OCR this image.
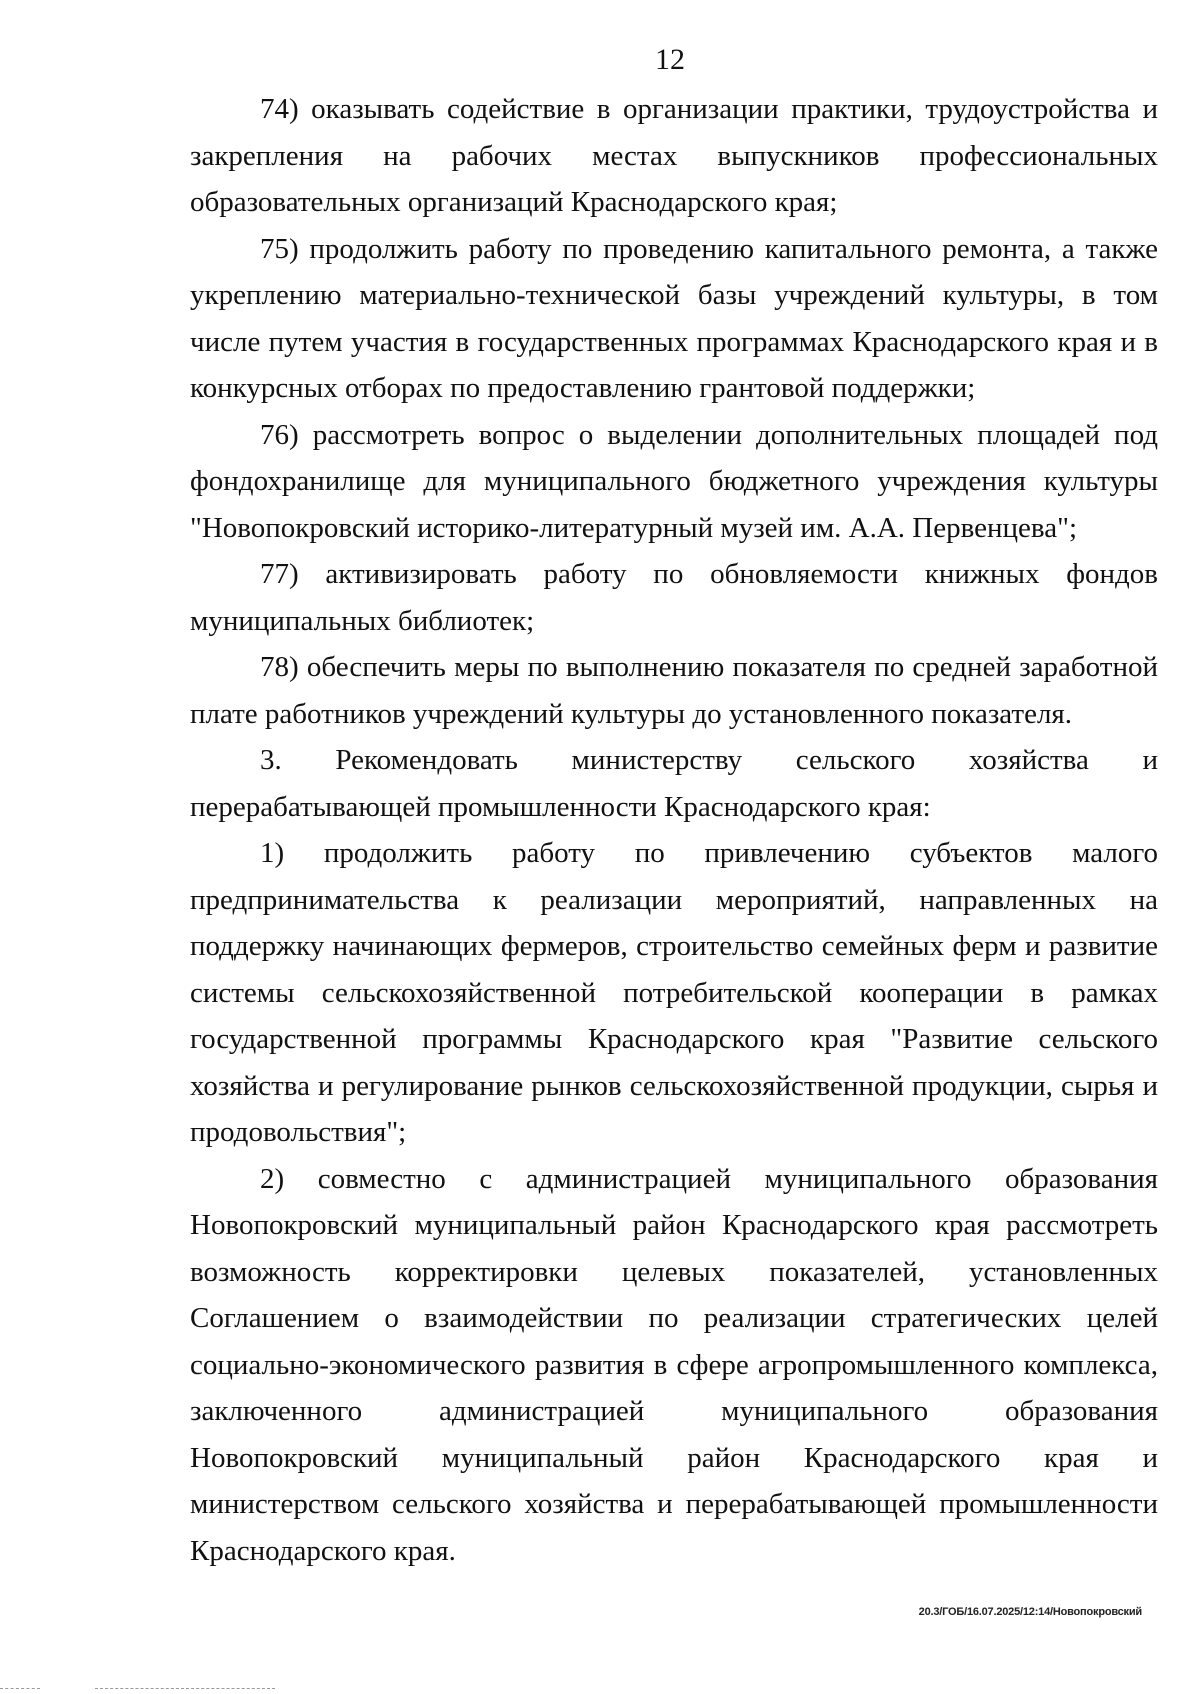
12

74) оказывать содействие в организации практики, трудоустройства и закрепления на рабочих местах выпускников профессиональных образовательных организаций Краснодарского края;

75) продолжить работу по проведению капитального ремонта, а также укреплению материально-технической базы учреждений культуры, в том числе путем участия в государственных программах Краснодарского края и в конкурсных отборах по предоставлению грантовой поддержки;

76) рассмотреть вопрос о выделении дополнительных площадей под фондохранилище для муниципального бюджетного учреждения культуры "Новопокровский историко-литературный музей им. А.А. Первенцева";

77) активизировать работу по обновляемости книжных фондов муниципальных библиотек;

78) обеспечить меры по выполнению показателя по средней заработной плате работников учреждений культуры до установленного показателя.

3. Рекомендовать министерству сельского хозяйства и перерабатывающей промышленности Краснодарского края:

1) продолжить работу по привлечению субъектов малого предпринимательства к реализации мероприятий, направленных на поддержку начинающих фермеров, строительство семейных ферм и развитие системы сельскохозяйственной потребительской кооперации в рамках государственной программы Краснодарского края "Развитие сельского хозяйства и регулирование рынков сельскохозяйственной продукции, сырья и продовольствия";

2) совместно с администрацией муниципального образования Новопокровский муниципальный район Краснодарского края рассмотреть возможность корректировки целевых показателей, установленных Соглашением о взаимодействии по реализации стратегических целей социально-экономического развития в сфере агропромышленного комплекса, заключенного администрацией муниципального образования Новопокровский муниципальный район Краснодарского края и министерством сельского хозяйства и перерабатывающей промышленности Краснодарского края.

20.3/ГОБ/16.07.2025/12:14/Новопокровский
